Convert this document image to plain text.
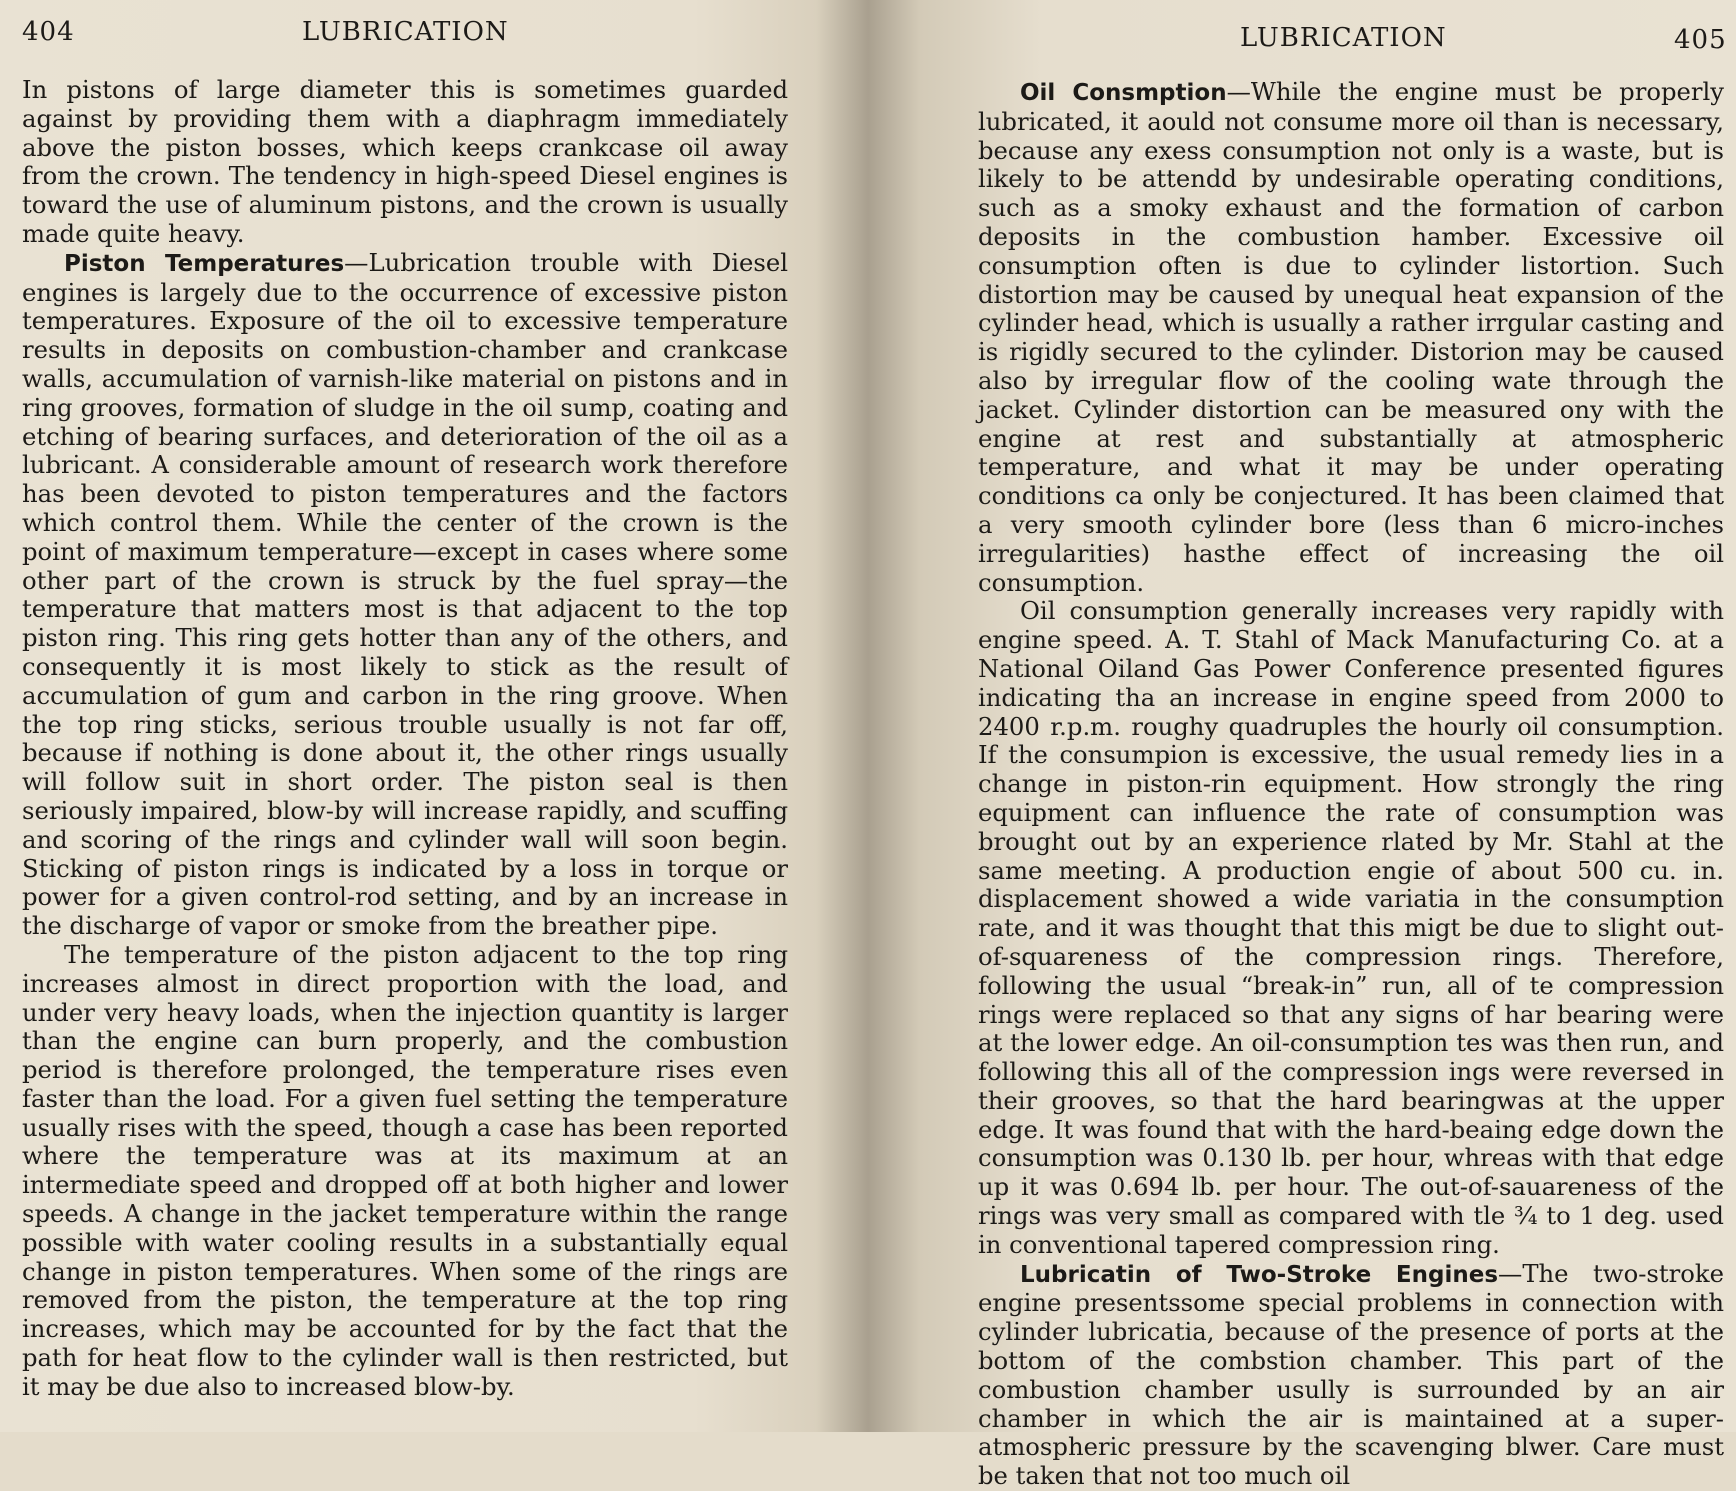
404	LUBRICATION

In pistons of large diameter this is sometimes guarded against by providing them with a diaphragm immediately above the piston bosses, which keeps crankcase oil away from the crown. The tendency in high-speed Diesel engines is toward the use of aluminum pistons, and the crown is usually made quite heavy.

Piston Temperatures—Lubrication trouble with Diesel engines is largely due to the occurrence of excessive piston temperatures. Exposure of the oil to excessive temperature results in deposits on combustion-chamber and crankcase walls, accumulation of varnish-like material on pistons and in ring grooves, formation of sludge in the oil sump, coating and etching of bearing surfaces, and deterioration of the oil as a lubricant. A considerable amount of research work therefore has been devoted to piston temperatures and the factors which control them. While the center of the crown is the point of maximum temperature—except in cases where some other part of the crown is struck by the fuel spray—the temperature that matters most is that adjacent to the top piston ring. This ring gets hotter than any of the others, and consequently it is most likely to stick as the result of accumulation of gum and carbon in the ring groove. When the top ring sticks, serious trouble usually is not far off, because if nothing is done about it, the other rings usually will follow suit in short order. The piston seal is then seriously impaired, blow-by will increase rapidly, and scuffing and scoring of the rings and cylinder wall will soon begin. Sticking of piston rings is indicated by a loss in torque or power for a given control-rod setting, and by an increase in the discharge of vapor or smoke from the breather pipe.

The temperature of the piston adjacent to the top ring increases almost in direct proportion with the load, and under very heavy loads, when the injection quantity is larger than the engine can burn properly, and the combustion period is therefore prolonged, the temperature rises even faster than the load. For a given fuel setting the temperature usually rises with the speed, though a case has been reported where the temperature was at its maximum at an intermediate speed and dropped off at both higher and lower speeds. A change in the jacket temperature within the range possible with water cooling results in a substantially equal change in piston temperatures. When some of the rings are removed from the piston, the temperature at the top ring increases, which may be accounted for by the fact that the path for heat flow to the cylinder wall is then restricted, but it may be due also to increased blow-by.

LUBRICATION	405

Oil Consmption—While the engine must be properly lubricated, it aould not consume more oil than is necessary, because any exess consumption not only is a waste, but is likely to be attendd by undesirable operating conditions, such as a smoky exhaust and the formation of carbon deposits in the combustion hamber. Excessive oil consumption often is due to cylinder listortion. Such distortion may be caused by unequal heat expansion of the cylinder head, which is usually a rather irrgular casting and is rigidly secured to the cylinder. Distorion may be caused also by irregular flow of the cooling wate through the jacket. Cylinder distortion can be measured ony with the engine at rest and substantially at atmospheric temperature, and what it may be under operating conditions ca only be conjectured. It has been claimed that a very smooth cylinder bore (less than 6 micro-inches irregularities) hasthe effect of increasing the oil consumption.

Oil consumption generally increases very rapidly with engine speed. A. T. Stahl of Mack Manufacturing Co. at a National Oiland Gas Power Conference presented figures indicating tha an increase in engine speed from 2000 to 2400 r.p.m. roughy quadruples the hourly oil consumption. If the consumpion is excessive, the usual remedy lies in a change in piston-rin equipment. How strongly the ring equipment can influence the rate of consumption was brought out by an experience rlated by Mr. Stahl at the same meeting. A production engie of about 500 cu. in. displacement showed a wide variatia in the consumption rate, and it was thought that this migt be due to slight out-of-squareness of the compression rings. Therefore, following the usual “break-in” run, all of te compression rings were replaced so that any signs of har bearing were at the lower edge. An oil-consumption tes was then run, and following this all of the compression ings were reversed in their grooves, so that the hard bearingwas at the upper edge. It was found that with the hard-beaing edge down the consumption was 0.130 lb. per hour, whreas with that edge up it was 0.694 lb. per hour. The out-of-sauareness of the rings was very small as compared with tle ¾ to 1 deg. used in conventional tapered compression ring.

Lubricatin of Two-Stroke Engines—The two-stroke engine presentssome special problems in connection with cylinder lubricatia, because of the presence of ports at the bottom of the combstion chamber. This part of the combustion chamber usully is surrounded by an air chamber in which the air is maintained at a super-atmospheric pressure by the scavenging blwer. Care must be taken that not too much oil
